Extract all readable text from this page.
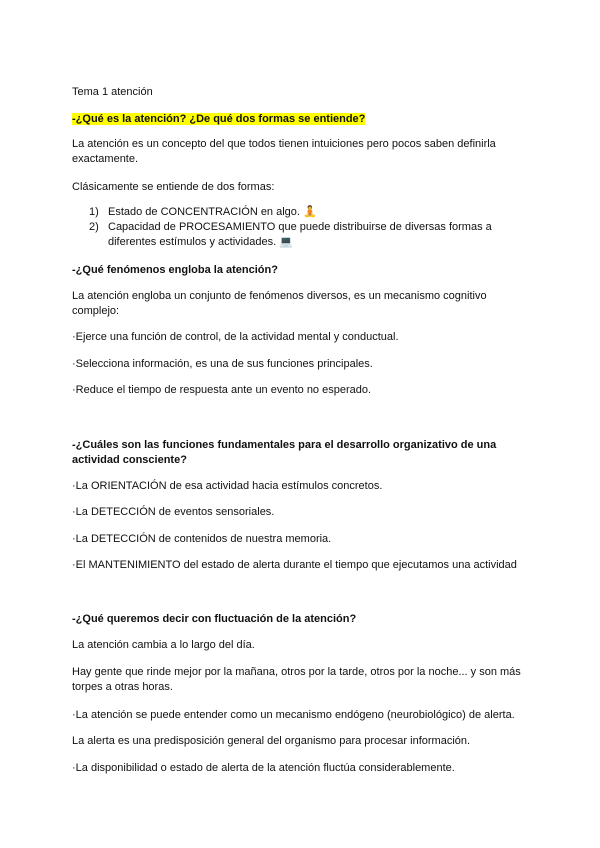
Tema 1 atención
-¿Qué es la atención? ¿De qué dos formas se entiende?
La atención es un concepto del que todos tienen intuiciones pero pocos saben definirla exactamente.
Clásicamente se entiende de dos formas:
1) Estado de CONCENTRACIÓN en algo. 🧘
2) Capacidad de PROCESAMIENTO que puede distribuirse de diversas formas a diferentes estímulos y actividades. 💻
-¿Qué fenómenos engloba la atención?
La atención engloba un conjunto de fenómenos diversos, es un mecanismo cognitivo complejo:
·Ejerce una función de control, de la actividad mental y conductual.
·Selecciona información, es una de sus funciones principales.
·Reduce el tiempo de respuesta ante un evento no esperado.
-¿Cuáles son las funciones fundamentales para el desarrollo organizativo de una actividad consciente?
·La ORIENTACIÓN de esa actividad hacia estímulos concretos.
·La DETECCIÓN de eventos sensoriales.
·La DETECCIÓN de contenidos de nuestra memoria.
·El MANTENIMIENTO del estado de alerta durante el tiempo que ejecutamos una actividad
-¿Qué queremos decir con fluctuación de la atención?
La atención cambia a lo largo del día.
Hay gente que rinde mejor por la mañana, otros por la tarde, otros por la noche... y son más torpes a otras horas.
·La atención se puede entender como un mecanismo endógeno (neurobiológico) de alerta.
La alerta es una predisposición general del organismo para procesar información.
·La disponibilidad o estado de alerta de la atención fluctúa considerablemente.
